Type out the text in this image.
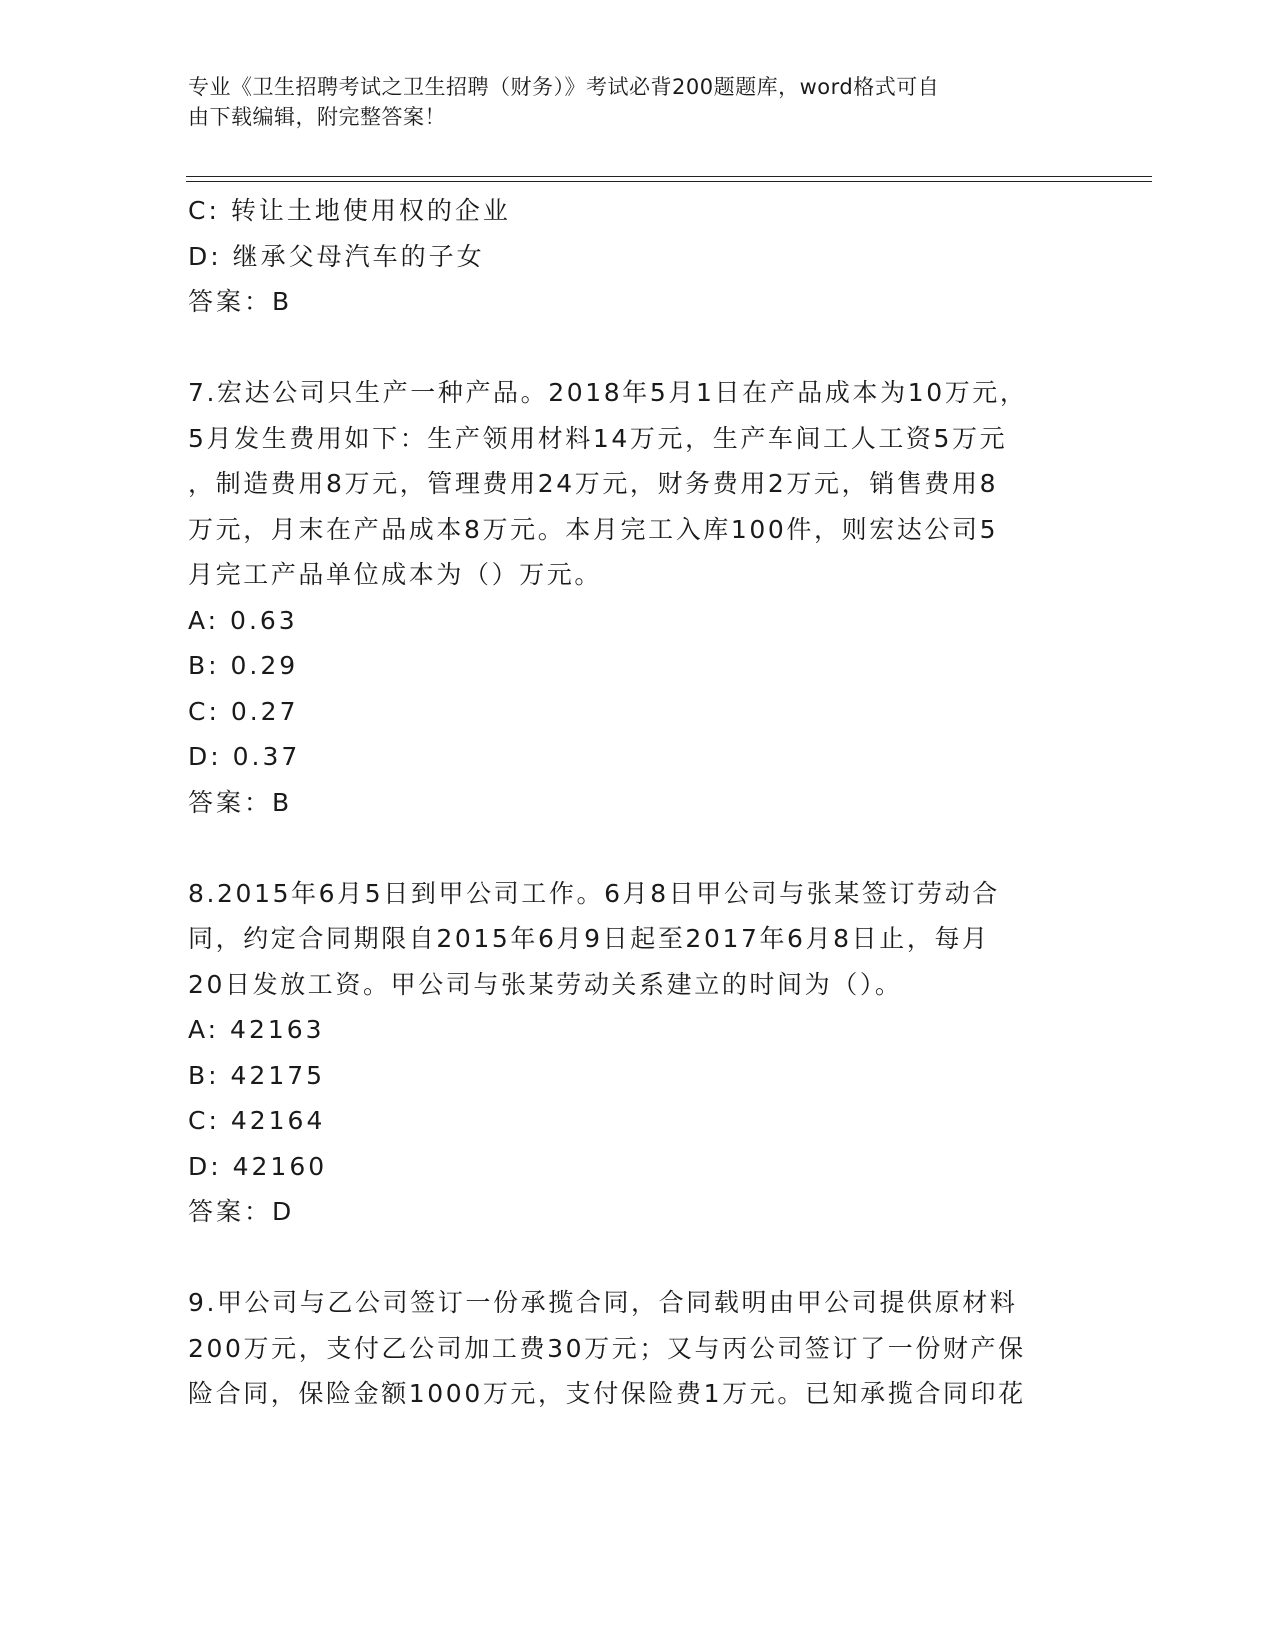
专业《卫生招聘考试之卫生招聘（财务）》考试必背200题题库，word格式可自
由下载编辑，附完整答案！
C: 转让土地使用权的企业
D: 继承父母汽车的子女
答案：B
7.宏达公司只生产一种产品。2018年5月1日在产品成本为10万元，
5月发生费用如下：生产领用材料14万元，生产车间工人工资5万元
，制造费用8万元，管理费用24万元，财务费用2万元，销售费用8
万元，月末在产品成本8万元。本月完工入库100件，则宏达公司5
月完工产品单位成本为（）万元。
A: 0.63
B: 0.29
C: 0.27
D: 0.37
答案：B
8.2015年6月5日到甲公司工作。6月8日甲公司与张某签订劳动合
同，约定合同期限自2015年6月9日起至2017年6月8日止，每月
20日发放工资。甲公司与张某劳动关系建立的时间为（）。
A: 42163
B: 42175
C: 42164
D: 42160
答案：D
9.甲公司与乙公司签订一份承揽合同，合同载明由甲公司提供原材料
200万元，支付乙公司加工费30万元；又与丙公司签订了一份财产保
险合同，保险金额1000万元，支付保险费1万元。已知承揽合同印花
